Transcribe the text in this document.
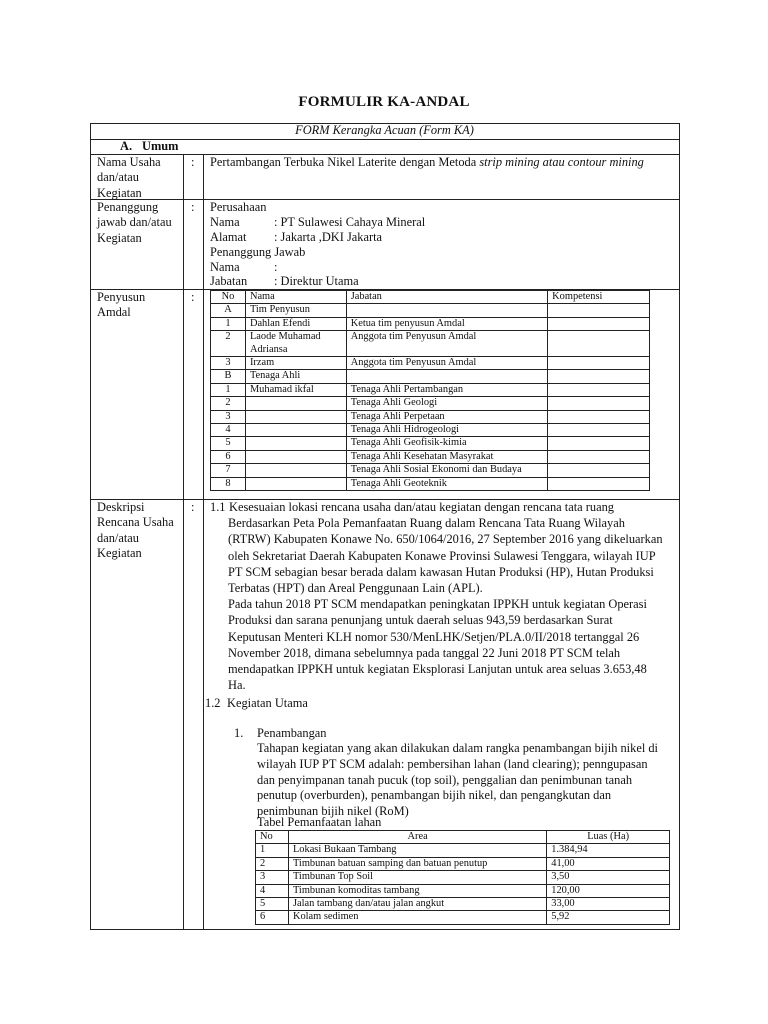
FORMULIR KA-ANDAL
FORM Kerangka Acuan (Form KA)
A. Umum
Nama Usaha dan/atau Kegiatan
: Pertambangan Terbuka Nikel Laterite dengan Metoda strip mining atau contour mining
Penanggung jawab dan/atau Kegiatan
: Perusahaan
Nama	: PT Sulawesi Cahaya Mineral
Alamat : Jakarta ,DKI Jakarta
Penanggung Jawab
Nama	:
Jabatan : Direktur Utama
Penyusun Amdal
:	No	Nama	Jabatan	Kompetensi
A	Tim Penyusun		
1	Dahlan Efendi	Ketua tim penyusun Amdal	
2	Laode Muhamad Adriansa	Anggota tim Penyusun Amdal	
3	Irzam	Anggota tim Penyusun Amdal	
B	Tenaga Ahli		
1	Muhamad ikfal	Tenaga Ahli Pertambangan	
2		Tenaga Ahli Geologi	
3		Tenaga Ahli Perpetaan	
4		Tenaga Ahli Hidrogeologi	
5		Tenaga Ahli Geofisik-kimia	
6		Tenaga Ahli Kesehatan Masyrakat	
7		Tenaga Ahli Sosial Ekonomi dan Budaya	
8		Tenaga Ahli Geoteknik	
Deskripsi Rencana Usaha dan/atau Kegiatan
: 1.1 Kesesuaian lokasi rencana usaha dan/atau kegiatan dengan rencana tata ruang
Berdasarkan Peta Pola Pemanfaatan Ruang dalam Rencana Tata Ruang Wilayah
(RTRW) Kabupaten Konawe No. 650/1064/2016, 27 September 2016 yang dikeluarkan
oleh Sekretariat Daerah Kabupaten Konawe Provinsi Sulawesi Tenggara, wilayah IUP
PT SCM sebagian besar berada dalam kawasan Hutan Produksi (HP), Hutan Produksi
Terbatas (HPT) dan Areal Penggunaan Lain (APL).
Pada tahun 2018 PT SCM mendapatkan peningkatan IPPKH untuk kegiatan Operasi
Produksi dan sarana penunjang untuk daerah seluas 943,59 berdasarkan Surat
Keputusan Menteri KLH nomor 530/MenLHK/Setjen/PLA.0/II/2018 tertanggal 26
November 2018, dimana sebelumnya pada tanggal 22 Juni 2018 PT SCM telah
mendapatkan IPPKH untuk kegiatan Eksplorasi Lanjutan untuk area seluas 3.653,48
Ha.
1.2 Kegiatan Utama
1. Penambangan
Tahapan kegiatan yang akan dilakukan dalam rangka penambangan bijih nikel di
wilayah IUP PT SCM adalah: pembersihan lahan (land clearing); penngupasan
dan penyimpanan tanah pucuk (top soil), penggalian dan penimbunan tanah
penutup (overburden), penambangan bijih nikel, dan pengangkutan dan
penimbunan bijih nikel (RoM)
Tabel Pemanfaatan lahan
No	Area	Luas (Ha)
1	Lokasi Bukaan Tambang	1.384,94
2	Timbunan batuan samping dan batuan penutup	41,00
3	Timbunan Top Soil	3,50
4	Timbunan komoditas tambang	120,00
5	Jalan tambang dan/atau jalan angkut	33,00
6	Kolam sedimen	5,92
